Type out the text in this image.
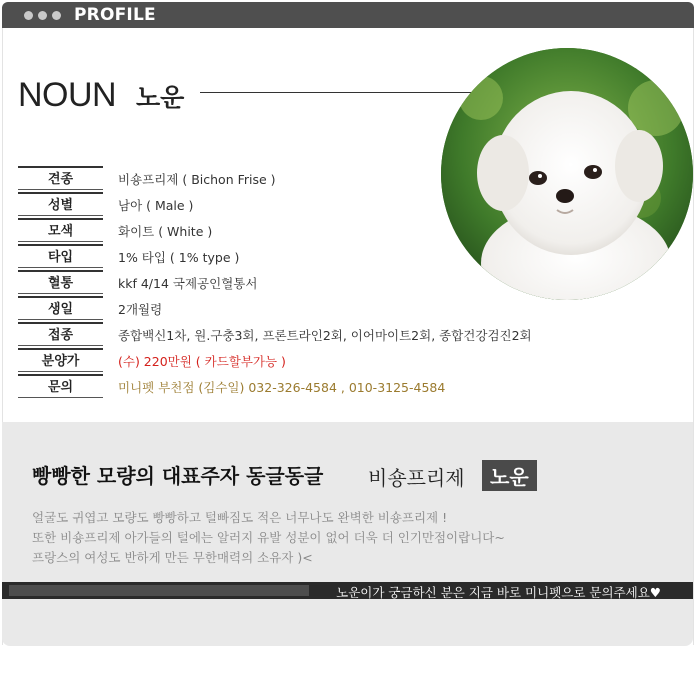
PROFILE
NOUN 노운
견종	비숑프리제 ( Bichon Frise )
성별	남아 ( Male )
모색	화이트 ( White )
타입	1% 타입 ( 1% type )
혈통	kkf 4/14 국제공인혈통서
생일	2개월령
접종	종합백신1차, 원.구충3회, 프론트라인2회, 이어마이트2회, 종합건강검진2회
분양가	(수) 220만원 ( 카드할부가능 )
문의	미니펫 부천점 (김수일) 032-326-4584 , 010-3125-4584
빵빵한 모량의 대표주자 동글동글 비숑프리제	노운
얼굴도 귀엽고 모량도 빵빵하고 털빠짐도 적은 너무나도 완벽한 비숑프리제 !
또한 비숑프리제 아가들의 털에는 알러지 유발 성분이 없어 더욱 더 인기만점이랍니다~
프랑스의 여성도 반하게 만든 무한매력의 소유자 )<
노운이가 궁금하신 분은 지금 바로 미니펫으로 문의주세요♥
